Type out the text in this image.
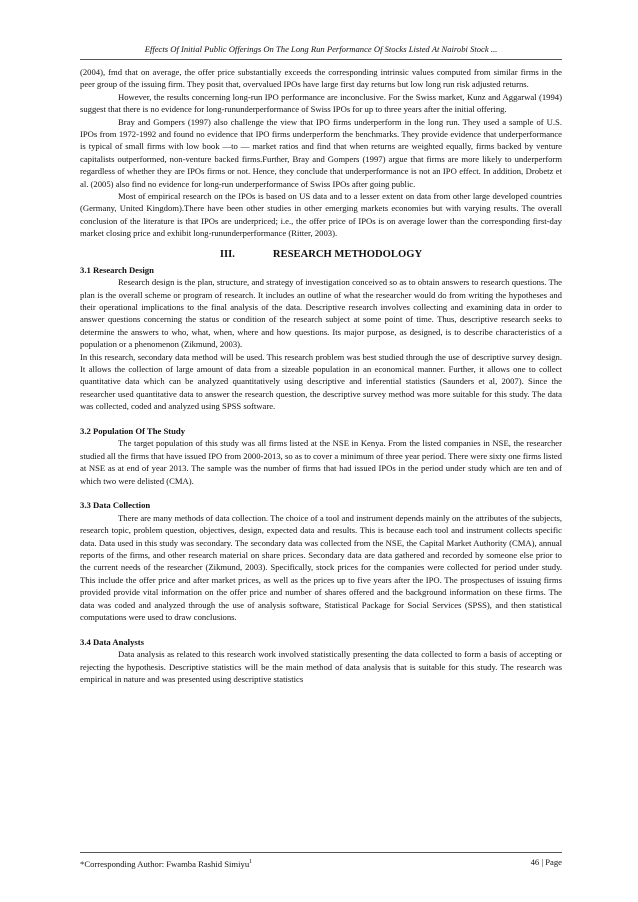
Effects Of Initial Public Offerings On The Long Run Performance Of Stocks Listed At Nairobi Stock ...

(2004), fmd that on average, the offer price substantially exceeds the corresponding intrinsic values computed from similar firms in the peer group of the issuing firm. They posit that, overvalued IPOs have large first day returns but low long run risk adjusted returns.

However, the results concerning long-run IPO performance are inconclusive. For the Swiss market, Kunz and Aggarwal (1994) suggest that there is no evidence for long-rununderperformance of Swiss IPOs for up to three years after the initial offering.

Bray and Gompers (1997) also challenge the view that IPO firms underperform in the long run. They used a sample of U.S. IPOs from 1972-1992 and found no evidence that IPO firms underperform the benchmarks. They provide evidence that underperformance is typical of small firms with low book —to — market ratios and find that when returns are weighted equally, firms backed by venture capitalists outperformed, non-venture backed firms.Further, Bray and Gompers (1997) argue that firms are more likely to underperform regardless of whether they are IPOs firms or not. Hence, they conclude that underperformance is not an IPO effect. In addition, Drobetz et al. (2005) also find no evidence for long-run underperformance of Swiss IPOs after going public.

Most of empirical research on the IPOs is based on US data and to a lesser extent on data from other large developed countries (Germany, United Kingdom).There have been other studies in other emerging markets economies but with varying results. The overall conclusion of the literature is that IPOs are underpriced; i.e., the offer price of IPOs is on average lower than the corresponding first-day market closing price and exhibit long-rununderperformance (Ritter, 2003).

III.	RESEARCH METHODOLOGY

3.1 Research Design

Research design is the plan, structure, and strategy of investigation conceived so as to obtain answers to research questions. The plan is the overall scheme or program of research. It includes an outline of what the researcher would do from writing the hypotheses and their operational implications to the final analysis of the data. Descriptive research involves collecting and examining data in order to answer questions concerning the status or condition of the research subject at some point of time. Thus, descriptive research seeks to determine the answers to who, what, when, where and how questions. Its major purpose, as designed, is to describe characteristics of a population or a phenomenon (Zikmund, 2003).

In this research, secondary data method will be used. This research problem was best studied through the use of descriptive survey design. It allows the collection of large amount of data from a sizeable population in an economical manner. Further, it allows one to collect quantitative data which can be analyzed quantitatively using descriptive and inferential statistics (Saunders et al, 2007). Since the researcher used quantitative data to answer the research question, the descriptive survey method was more suitable for this study. The data was collected, coded and analyzed using SPSS software.

3.2 Population Of The Study

The target population of this study was all firms listed at the NSE in Kenya. From the listed companies in NSE, the researcher studied all the firms that have issued IPO from 2000-2013, so as to cover a minimum of three year period. There were sixty one firms listed at NSE as at end of year 2013. The sample was the number of firms that had issued IPOs in the period under study which are ten and of which two were delisted (CMA).

3.3 Data Collection

There are many methods of data collection. The choice of a tool and instrument depends mainly on the attributes of the subjects, research topic, problem question, objectives, design, expected data and results. This is because each tool and instrument collects specific data. Data used in this study was secondary. The secondary data was collected from the NSE, the Capital Market Authority (CMA), annual reports of the firms, and other research material on share prices. Secondary data are data gathered and recorded by someone else prior to the current needs of the researcher (Zikmund, 2003). Specifically, stock prices for the companies were collected for period under study. This include the offer price and after market prices, as well as the prices up to five years after the IPO. The prospectuses of issuing firms provided provide vital information on the offer price and number of shares offered and the background information on these firms. The data was coded and analyzed through the use of analysis software, Statistical Package for Social Services (SPSS), and then statistical computations were used to draw conclusions.

3.4 Data Analysts

Data analysis as related to this research work involved statistically presenting the data collected to form a basis of accepting or rejecting the hypothesis. Descriptive statistics will be the main method of data analysis that is suitable for this study. The research was empirical in nature and was presented using descriptive statistics

*Corresponding Author: Fwamba Rashid Simiyu$^1$	46 | Page
